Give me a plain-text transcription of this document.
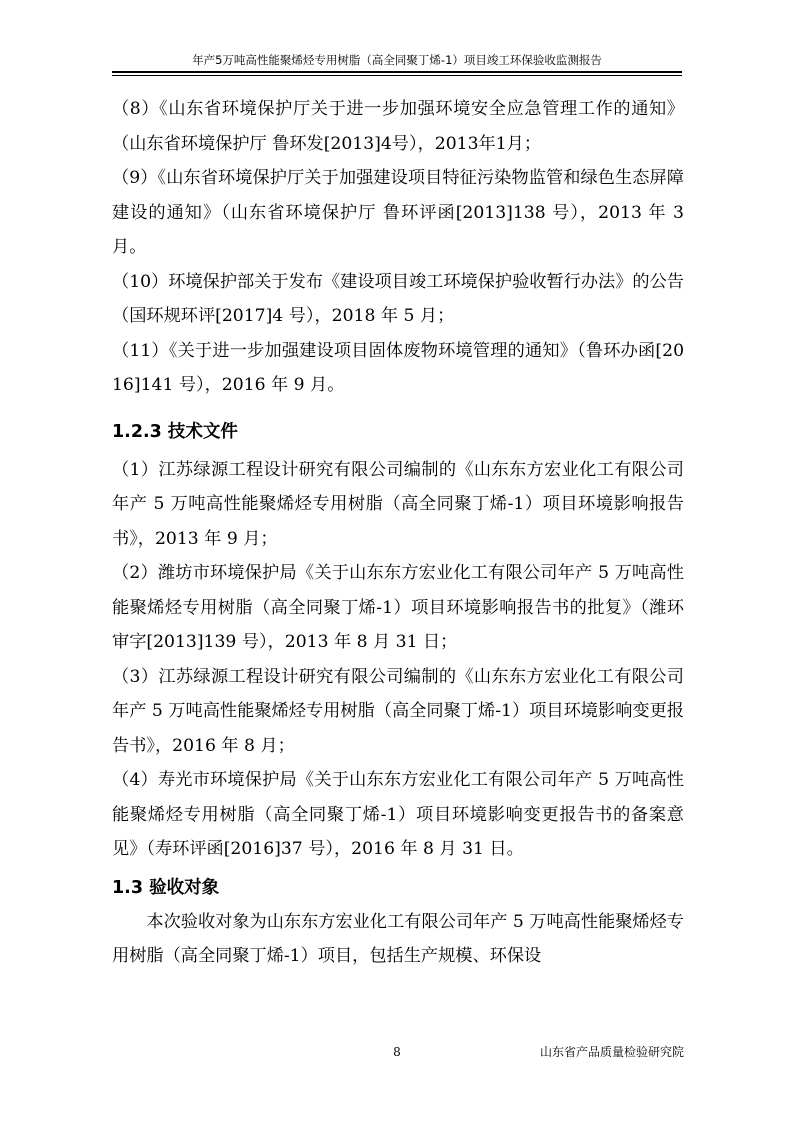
年产5万吨高性能聚烯烃专用树脂（高全同聚丁烯-1）项目竣工环保验收监测报告

（8）《山东省环境保护厅关于进一步加强环境安全应急管理工作的通知》（山东省环境保护厅 鲁环发[2013]4号），2013年1月；

（9）《山东省环境保护厅关于加强建设项目特征污染物监管和绿色生态屏障建设的通知》（山东省环境保护厅 鲁环评函[2013]138 号），2013 年 3 月。

（10）环境保护部关于发布《建设项目竣工环境保护验收暂行办法》的公告（国环规环评[2017]4 号），2018 年 5 月；

（11）《关于进一步加强建设项目固体废物环境管理的通知》（鲁环办函[2016]141 号），2016 年 9 月。

1.2.3 技术文件

（1）江苏绿源工程设计研究有限公司编制的《山东东方宏业化工有限公司年产 5 万吨高性能聚烯烃专用树脂（高全同聚丁烯-1）项目环境影响报告书》，2013 年 9 月；

（2）潍坊市环境保护局《关于山东东方宏业化工有限公司年产 5 万吨高性能聚烯烃专用树脂（高全同聚丁烯-1）项目环境影响报告书的批复》（潍环审字[2013]139 号），2013 年 8 月 31 日；

（3）江苏绿源工程设计研究有限公司编制的《山东东方宏业化工有限公司年产 5 万吨高性能聚烯烃专用树脂（高全同聚丁烯-1）项目环境影响变更报告书》，2016 年 8 月；

（4）寿光市环境保护局《关于山东东方宏业化工有限公司年产 5 万吨高性能聚烯烃专用树脂（高全同聚丁烯-1）项目环境影响变更报告书的备案意见》（寿环评函[2016]37 号），2016 年 8 月 31 日。

1.3 验收对象

本次验收对象为山东东方宏业化工有限公司年产 5 万吨高性能聚烯烃专用树脂（高全同聚丁烯-1）项目，包括生产规模、环保设

8	山东省产品质量检验研究院
